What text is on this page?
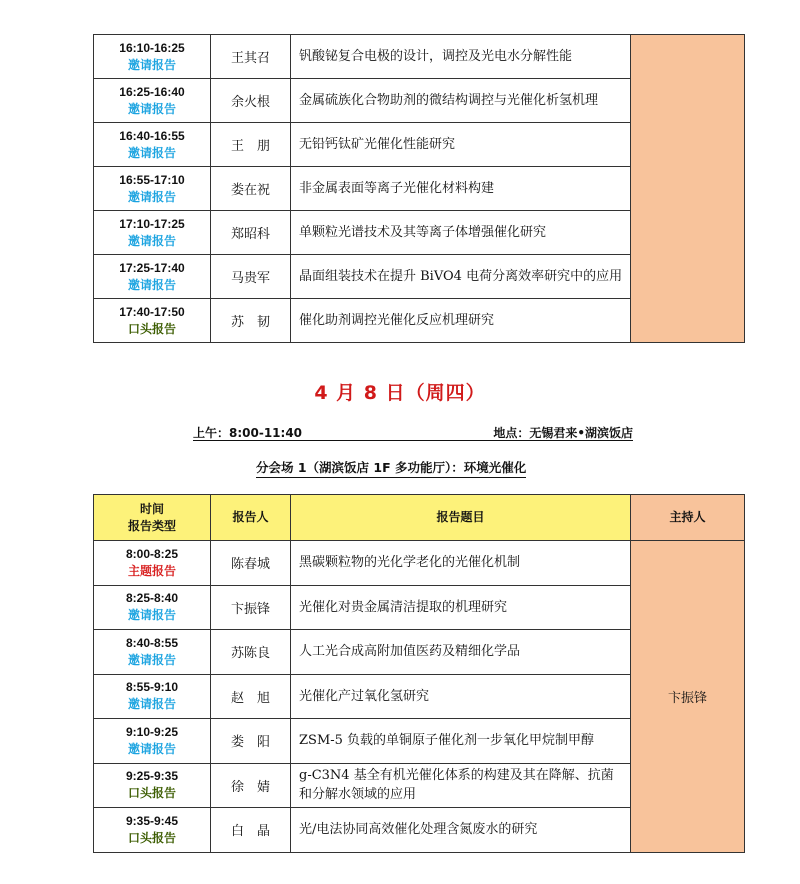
16:10-16:25
邀请报告	王其召	钒酸铋复合电极的设计，调控及光电水分解性能	

16:25-16:40
邀请报告	余火根	金属硫族化合物助剂的微结构调控与光催化析氢机理	

16:40-16:55
邀请报告	王　朋	无铅钙钛矿光催化性能研究	

16:55-17:10
邀请报告	娄在祝	非金属表面等离子光催化材料构建	

17:10-17:25
邀请报告	郑昭科	单颗粒光谱技术及其等离子体增强催化研究	

17:25-17:40
邀请报告	马贵军	晶面组装技术在提升 BiVO4 电荷分离效率研究中的应用	

17:40-17:50
口头报告	苏　韧	催化助剂调控光催化反应机理研究	
4 月 8 日（周四）
上午：8:00-11:40	地点：无锡君来•湖滨饭店
分会场 1（湖滨饭店 1F 多功能厅）：环境光催化
时间
报告类型	报告人	报告题目	主持人

8:00-8:25
主题报告	陈春城	黑碳颗粒物的光化学老化的光催化机制	卞振锋

8:25-8:40
邀请报告	卞振锋	光催化对贵金属清洁提取的机理研究	

8:40-8:55
邀请报告	苏陈良	人工光合成高附加值医药及精细化学品	

8:55-9:10
邀请报告	赵　旭	光催化产过氧化氢研究	

9:10-9:25
邀请报告	娄　阳	ZSM-5 负载的单铜原子催化剂一步氧化甲烷制甲醇	

9:25-9:35
口头报告	徐　婧	g-C3N4 基全有机光催化体系的构建及其在降解、抗菌和分解水领域的应用	

9:35-9:45
口头报告	白　晶	光/电法协同高效催化处理含氮废水的研究	
